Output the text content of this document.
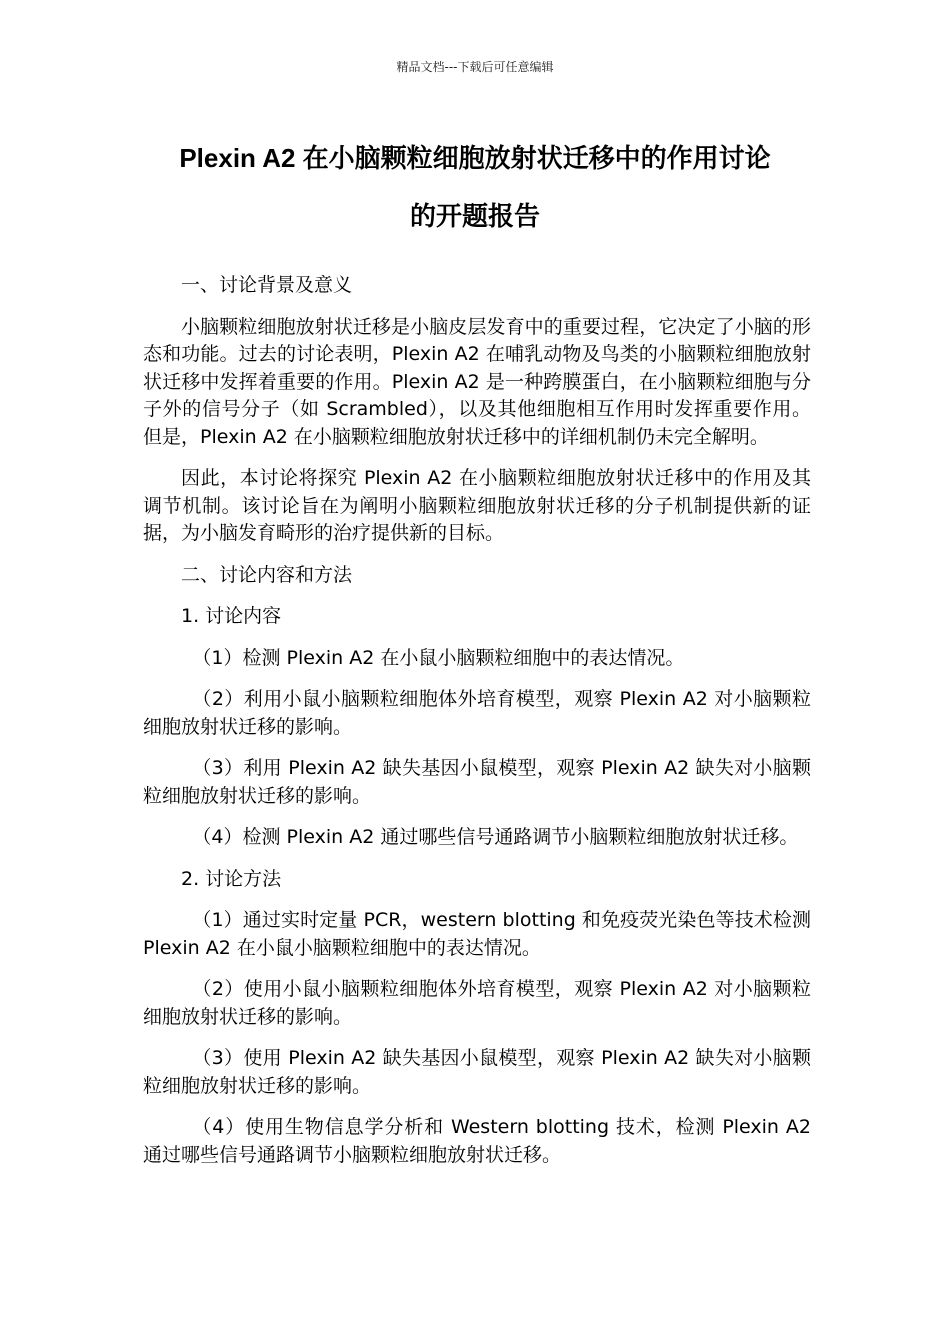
精品文档---下载后可任意编辑
Plexin A2 在小脑颗粒细胞放射状迁移中的作用讨论
的开题报告

一、讨论背景及意义

小脑颗粒细胞放射状迁移是小脑皮层发育中的重要过程，它决定了小脑的形态和功能。过去的讨论表明，Plexin A2 在哺乳动物及鸟类的小脑颗粒细胞放射状迁移中发挥着重要的作用。Plexin A2 是一种跨膜蛋白，在小脑颗粒细胞与分子外的信号分子（如 Scrambled），以及其他细胞相互作用时发挥重要作用。但是，Plexin A2 在小脑颗粒细胞放射状迁移中的详细机制仍未完全解明。

因此，本讨论将探究 Plexin A2 在小脑颗粒细胞放射状迁移中的作用及其调节机制。该讨论旨在为阐明小脑颗粒细胞放射状迁移的分子机制提供新的证据，为小脑发育畸形的治疗提供新的目标。

二、讨论内容和方法

1. 讨论内容

（1）检测 Plexin A2 在小鼠小脑颗粒细胞中的表达情况。

（2）利用小鼠小脑颗粒细胞体外培育模型，观察 Plexin A2 对小脑颗粒细胞放射状迁移的影响。

（3）利用 Plexin A2 缺失基因小鼠模型，观察 Plexin A2 缺失对小脑颗粒细胞放射状迁移的影响。

（4）检测 Plexin A2 通过哪些信号通路调节小脑颗粒细胞放射状迁移。

2. 讨论方法

（1）通过实时定量 PCR，western blotting 和免疫荧光染色等技术检测 Plexin A2 在小鼠小脑颗粒细胞中的表达情况。

（2）使用小鼠小脑颗粒细胞体外培育模型，观察 Plexin A2 对小脑颗粒细胞放射状迁移的影响。

（3）使用 Plexin A2 缺失基因小鼠模型，观察 Plexin A2 缺失对小脑颗粒细胞放射状迁移的影响。

（4）使用生物信息学分析和 Western blotting 技术，检测 Plexin A2 通过哪些信号通路调节小脑颗粒细胞放射状迁移。
